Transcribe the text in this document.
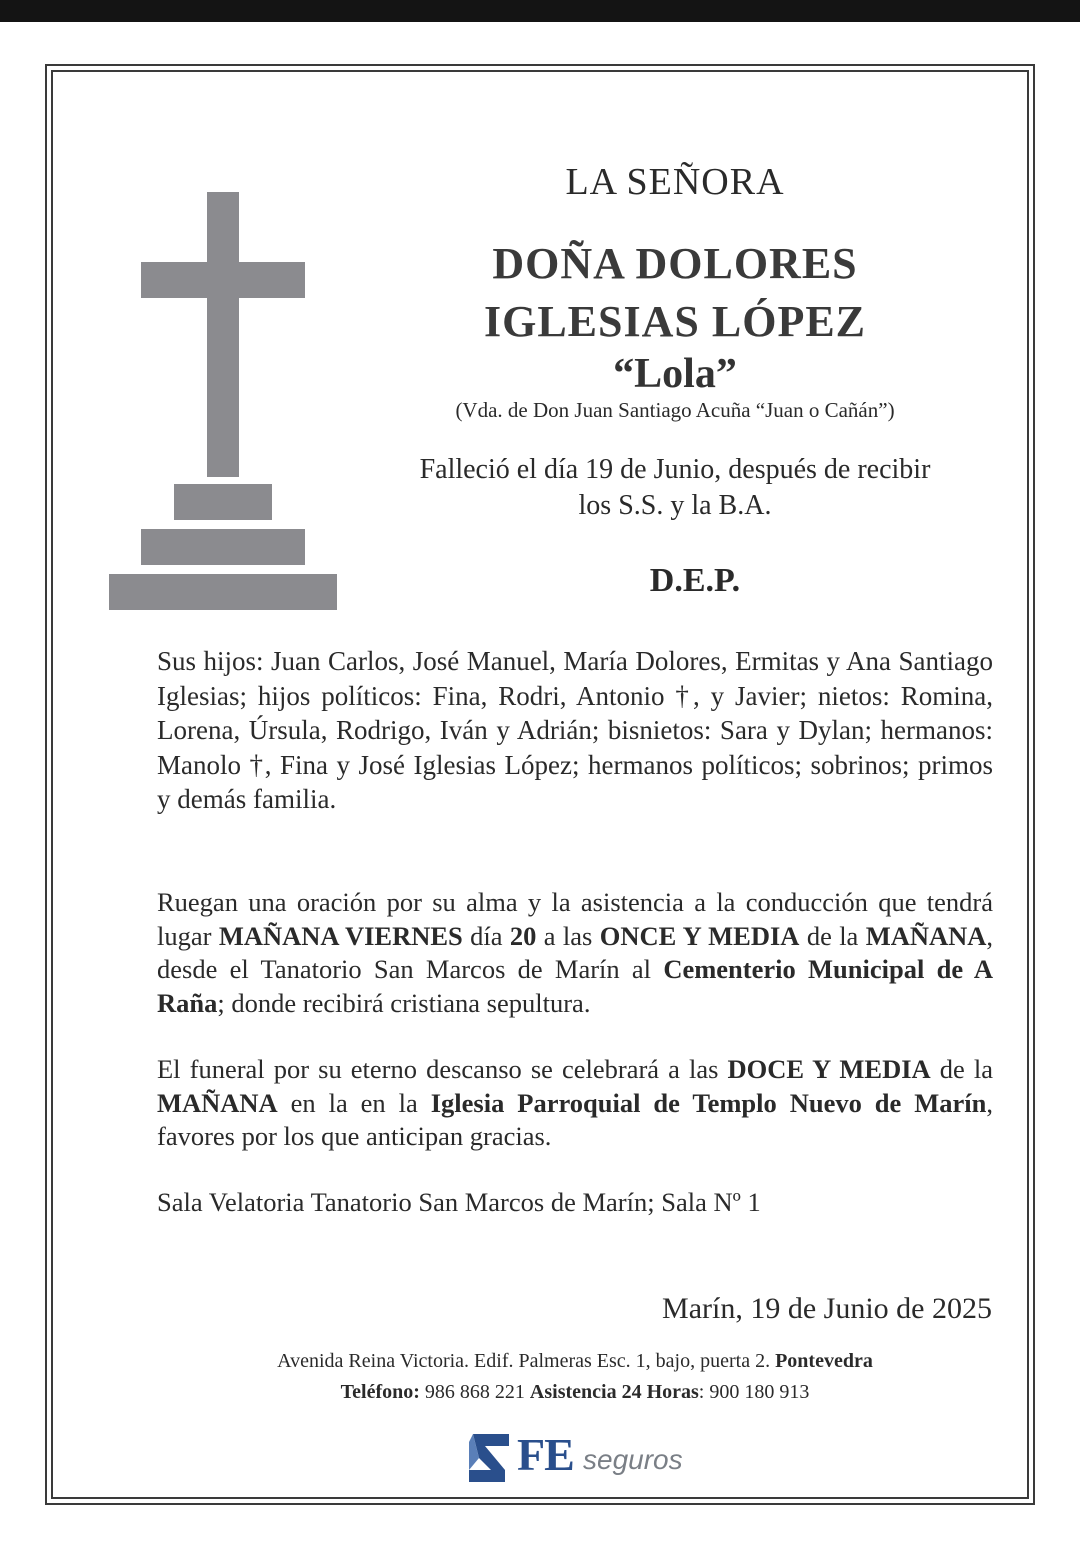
LA SEÑORA
DOÑA DOLORES
IGLESIAS LÓPEZ
“Lola”
(Vda. de Don Juan Santiago Acuña “Juan o Cañán”)
Falleció el día 19 de Junio, después de recibir
los S.S. y la B.A.
D.E.P.
Sus hijos: Juan Carlos, José Manuel, María Dolores, Ermitas y Ana Santiago Iglesias; hijos políticos: Fina, Rodri, Antonio †, y Javier; nietos: Romina, Lorena, Úrsula, Rodrigo, Iván y Adrián; bisnietos: Sara y Dylan; hermanos: Manolo †, Fina y José Iglesias López; hermanos políticos; sobrinos; primos y demás familia.
Ruegan una oración por su alma y la asistencia a la conducción que tendrá lugar MAÑANA VIERNES día 20 a las ONCE Y MEDIA de la MAÑANA, desde el Tanatorio San Marcos de Marín al Cementerio Municipal de A Raña; donde recibirá cristiana sepultura.
El funeral por su eterno descanso se celebrará a las DOCE Y MEDIA de la MAÑANA en la en la Iglesia Parroquial de Templo Nuevo de Marín, favores por los que anticipan gracias.
Sala Velatoria Tanatorio San Marcos de Marín; Sala Nº 1
Marín, 19 de Junio de 2025
Avenida Reina Victoria. Edif. Palmeras Esc. 1, bajo, puerta 2. Pontevedra
Teléfono: 986 868 221 Asistencia 24 Horas: 900 180 913
FE seguros
